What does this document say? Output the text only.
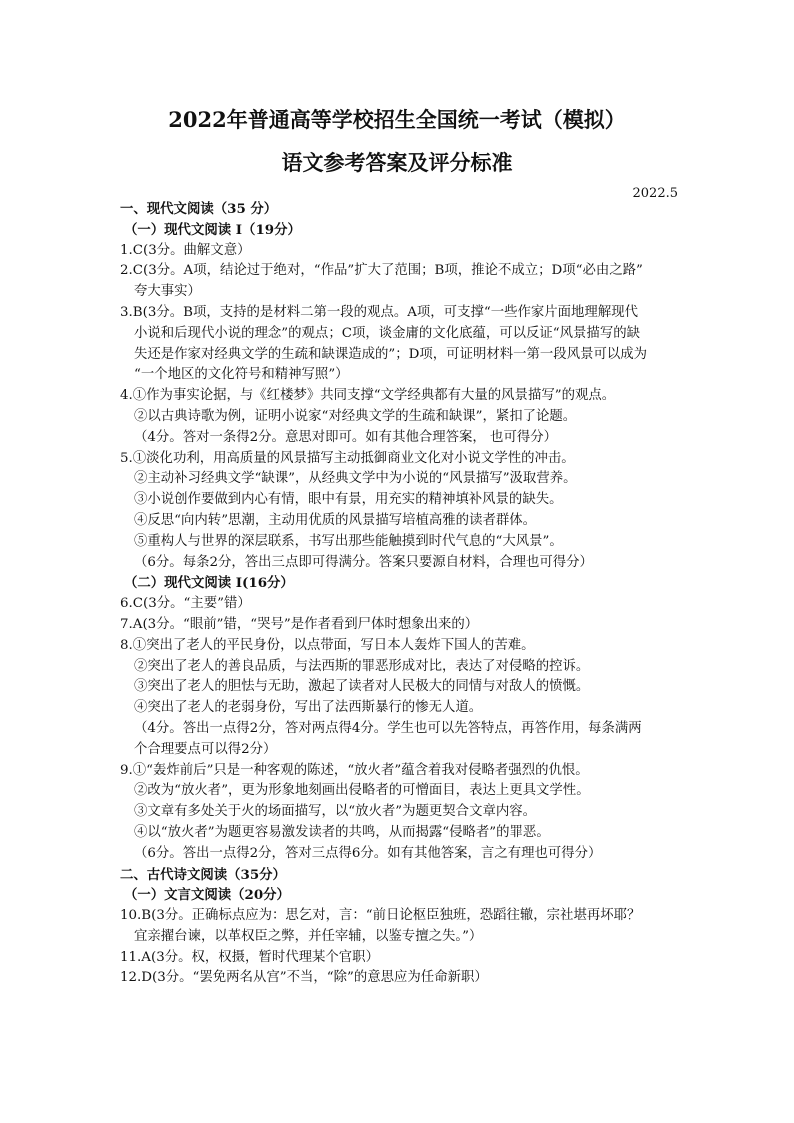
2022年普通高等学校招生全国统一考试（模拟）
语文参考答案及评分标准
2022.5
一、现代文阅读（35 分）
（一）现代文阅读 I（19分）
1.C(3分。曲解文意）
2.C(3分。A项，结论过于绝对，“作品”扩大了范围；B项，推论不成立；D项“必由之路”
夸大事实）
3.B(3分。B项，支持的是材料二第一段的观点。A项，可支撑“一些作家片面地理解现代
小说和后现代小说的理念”的观点；C项，谈金庸的文化底蕴，可以反证“风景描写的缺
失还是作家对经典文学的生疏和缺课造成的”；D项，可证明材料一第一段风景可以成为
“一个地区的文化符号和精神写照”）
4.①作为事实论据，与《红楼梦》共同支撑“文学经典都有大量的风景描写”的观点。
②以古典诗歌为例，证明小说家“对经典文学的生疏和缺课”，紧扣了论题。
（4分。答对一条得2分。意思对即可。如有其他合理答案， 也可得分）
5.①淡化功利，用高质量的风景描写主动抵御商业文化对小说文学性的冲击。
②主动补习经典文学“缺课”，从经典文学中为小说的“风景描写”汲取营养。
③小说创作要做到内心有情，眼中有景，用充实的精神填补风景的缺失。
④反思“向内转”思潮，主动用优质的风景描写培植高雅的读者群体。
⑤重构人与世界的深层联系，书写出那些能触摸到时代气息的“大风景”。
（6分。每条2分，答出三点即可得满分。答案只要源自材料，合理也可得分）
（二）现代文阅读 I(16分）
6.C(3分。“主要”错）
7.A(3分。“眼前”错，“哭号”是作者看到尸体时想象出来的）
8.①突出了老人的平民身份，以点带面，写日本人轰炸下国人的苦难。
②突出了老人的善良品质，与法西斯的罪恶形成对比，表达了对侵略的控诉。
③突出了老人的胆怯与无助，激起了读者对人民极大的同情与对敌人的愤慨。
④突出了老人的老弱身份，写出了法西斯暴行的惨无人道。
（4分。答出一点得2分，答对两点得4分。学生也可以先答特点，再答作用，每条满两
个合理要点可以得2分）
9.①“轰炸前后”只是一种客观的陈述，“放火者”蕴含着我对侵略者强烈的仇恨。
②改为“放火者”，更为形象地刻画出侵略者的可憎面目，表达上更具文学性。
③文章有多处关于火的场面描写，以“放火者”为题更契合文章内容。
④以“放火者”为题更容易激发读者的共鸣，从而揭露“侵略者”的罪恶。
（6分。答出一点得2分，答对三点得6分。如有其他答案，言之有理也可得分）
二、古代诗文阅读（35分）
（一）文言文阅读（20分）
10.B(3分。正确标点应为：思乞对，言：“前日论枢臣独班，恐蹈往辙，宗社堪再坏耶？
宜亲擢台谏，以革权臣之弊，并任宰辅，以鉴专擅之失。”）
11.A(3分。权，权摄，暂时代理某个官职）
12.D(3分。“罢免两名从宫”不当，“除”的意思应为任命新职）
